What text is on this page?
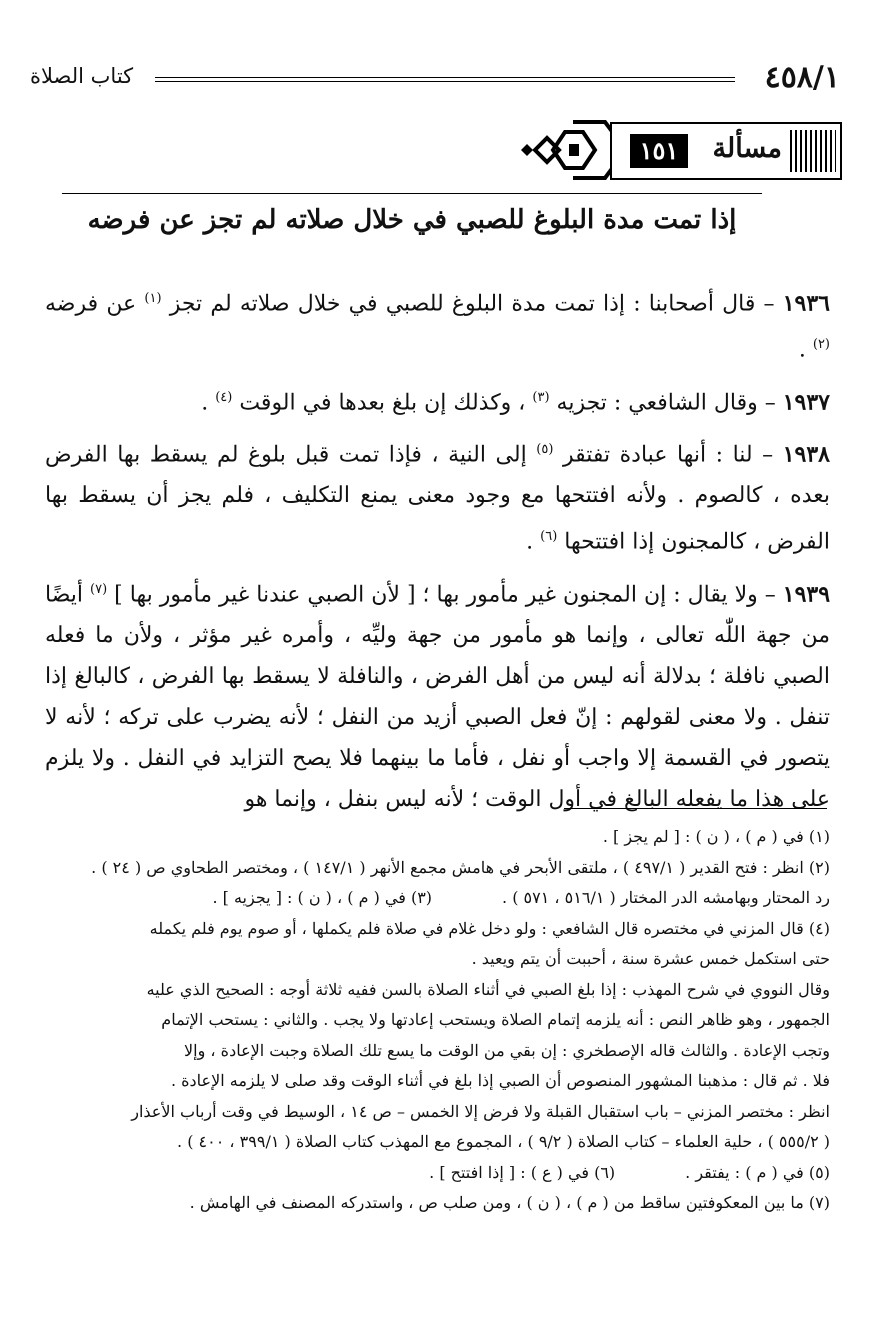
٤٥٨/١
كتاب الصلاة
مسألة
١٥١
إذا تمت مدة البلوغ للصبي في خلال صلاته لم تجز عن فرضه

١٩٣٦ – قال أصحابنا : إذا تمت مدة البلوغ للصبي في خلال صلاته لم تجز $^{(١)}$ عن فرضه $^{(٢)}$ .

١٩٣٧ – وقال الشافعي : تجزيه $^{(٣)}$ ، وكذلك إن بلغ بعدها في الوقت $^{(٤)}$ .

١٩٣٨ – لنا : أنها عبادة تفتقر $^{(٥)}$ إلى النية ، فإذا تمت قبل بلوغ لم يسقط بها الفرض بعده ، كالصوم . ولأنه افتتحها مع وجود معنى يمنع التكليف ، فلم يجز أن يسقط بها الفرض ، كالمجنون إذا افتتحها $^{(٦)}$ .

١٩٣٩ – ولا يقال : إن المجنون غير مأمور بها ؛ [ لأن الصبي عندنا غير مأمور بها ] $^{(٧)}$ أيضًا من جهة اللّٰه تعالى ، وإنما هو مأمور من جهة وليِّه ، وأمره غير مؤثر ، ولأن ما فعله الصبي نافلة ؛ بدلالة أنه ليس من أهل الفرض ، والنافلة لا يسقط بها الفرض ، كالبالغ إذا تنفل . ولا معنى لقولهم : إنّ فعل الصبي أزيد من النفل ؛ لأنه يضرب على تركه ؛ لأنه لا يتصور في القسمة إلا واجب أو نفل ، فأما ما بينهما فلا يصح التزايد في النفل . ولا يلزم على هذا ما يفعله البالغ في أول الوقت ؛ لأنه ليس بنفل ، وإنما هو

(١) في ( م ) ، ( ن ) : [ لم يجز ] .
(٢) انظر : فتح القدير ( ٤٩٧/١ ) ، ملتقى الأبحر في هامش مجمع الأنهر ( ١٤٧/١ ) ، ومختصر الطحاوي ص ( ٢٤ ) .
رد المحتار وبهامشه الدر المختار ( ٥١٦/١ ، ٥٧١ ) .
(٣) في ( م ) ، ( ن ) : [ يجزيه ] .
(٤) قال المزني في مختصره قال الشافعي : ولو دخل غلام في صلاة فلم يكملها ، أو صوم يوم فلم يكمله
حتى استكمل خمس عشرة سنة ، أحببت أن يتم ويعيد .
وقال النووي في شرح المهذب : إذا بلغ الصبي في أثناء الصلاة بالسن ففيه ثلاثة أوجه : الصحيح الذي عليه
الجمهور ، وهو ظاهر النص : أنه يلزمه إتمام الصلاة ويستحب إعادتها ولا يجب . والثاني : يستحب الإتمام
وتجب الإعادة . والثالث قاله الإصطخري : إن بقي من الوقت ما يسع تلك الصلاة وجبت الإعادة ، وإلا
فلا . ثم قال : مذهبنا المشهور المنصوص أن الصبي إذا بلغ في أثناء الوقت وقد صلى لا يلزمه الإعادة .
انظر : مختصر المزني – باب استقبال القبلة ولا فرض إلا الخمس – ص ١٤ ، الوسيط في وقت أرباب الأعذار
( ٥٥٥/٢ ) ، حلية العلماء – كتاب الصلاة ( ٩/٢ ) ، المجموع مع المهذب كتاب الصلاة ( ٣٩٩/١ ، ٤٠٠ ) .
(٥) في ( م ) : يفتقر .
(٦) في ( ع ) : [ إذا افتتح ] .
(٧) ما بين المعكوفتين ساقط من ( م ) ، ( ن ) ، ومن صلب ص ، واستدركه المصنف في الهامش .
